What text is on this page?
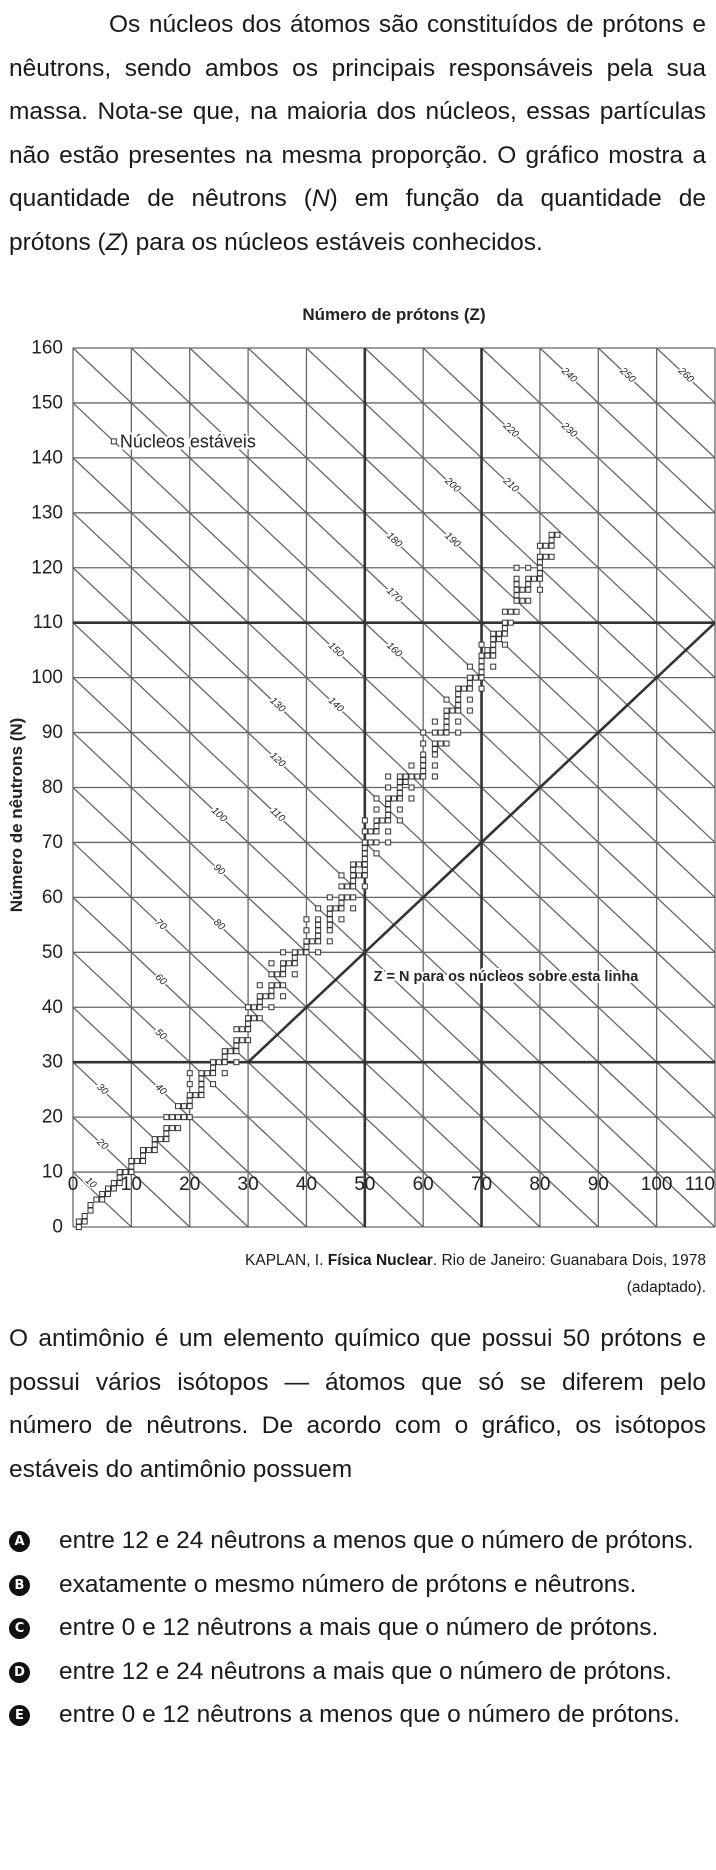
Os núcleos dos átomos são constituídos de prótons e nêutrons, sendo ambos os principais responsáveis pela sua massa. Nota-se que, na maioria dos núcleos, essas partículas não estão presentes na mesma proporção. O gráfico mostra a quantidade de nêutrons (N) em função da quantidade de prótons (Z) para os núcleos estáveis conhecidos.

10
20
30	40
50
60
70	80
90
100	110
120
130	140
150	160
170
180	190
200	210
220	230
240	250	260
0
10
20
30
40
50
60
70
80
90
100
110
120
130
140
150
160
0 10 20 30 40 50 60 70 80 90 100 110
Número de prótons (Z)
Número de nêutrons (N)
Núcleos estáveis
Z = N para os núcleos sobre esta linha
KAPLAN, I. Física Nuclear. Rio de Janeiro: Guanabara Dois, 1978 (adaptado).

O antimônio é um elemento químico que possui 50 prótons e possui vários isótopos — átomos que só se diferem pelo número de nêutrons. De acordo com o gráfico, os isótopos estáveis do antimônio possuem

A entre 12 e 24 nêutrons a menos que o número de prótons.

B exatamente o mesmo número de prótons e nêutrons.

C entre 0 e 12 nêutrons a mais que o número de prótons.

D entre 12 e 24 nêutrons a mais que o número de prótons.

E entre 0 e 12 nêutrons a menos que o número de prótons.
